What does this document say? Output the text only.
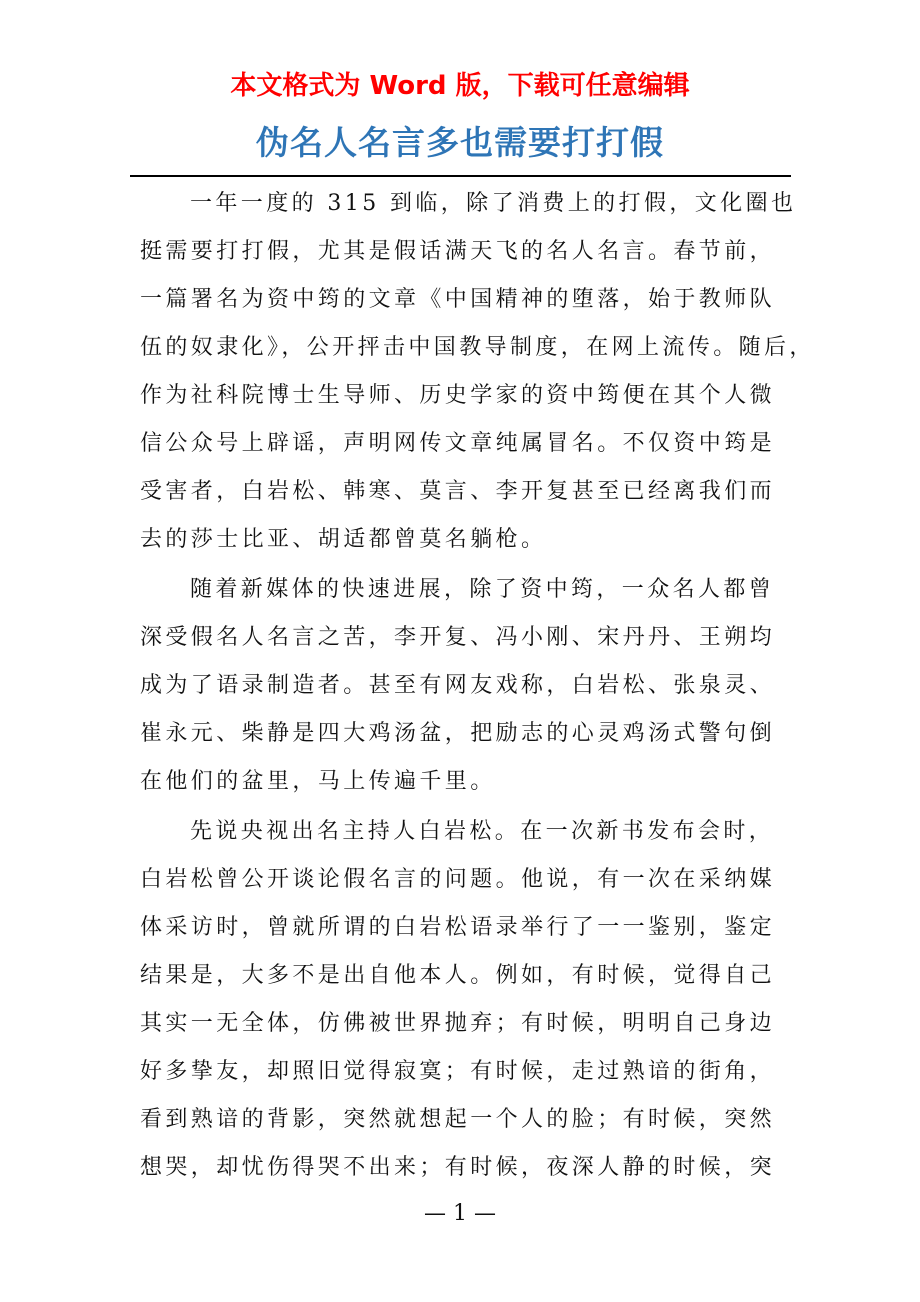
本文格式为 Word 版，下载可任意编辑
伪名人名言多也需要打打假
一年一度的 315 到临，除了消费上的打假，文化圈也
挺需要打打假，尤其是假话满天飞的名人名言。春节前，
一篇署名为资中筠的文章《中国精神的堕落，始于教师队
伍的奴隶化》，公开抨击中国教导制度，在网上流传。随后，
作为社科院博士生导师、历史学家的资中筠便在其个人微
信公众号上辟谣，声明网传文章纯属冒名。不仅资中筠是
受害者，白岩松、韩寒、莫言、李开复甚至已经离我们而
去的莎士比亚、胡适都曾莫名躺枪。
随着新媒体的快速进展，除了资中筠，一众名人都曾
深受假名人名言之苦，李开复、冯小刚、宋丹丹、王朔均
成为了语录制造者。甚至有网友戏称，白岩松、张泉灵、
崔永元、柴静是四大鸡汤盆，把励志的心灵鸡汤式警句倒
在他们的盆里，马上传遍千里。
先说央视出名主持人白岩松。在一次新书发布会时，
白岩松曾公开谈论假名言的问题。他说，有一次在采纳媒
体采访时，曾就所谓的白岩松语录举行了一一鉴别，鉴定
结果是，大多不是出自他本人。例如，有时候，觉得自己
其实一无全体，仿佛被世界抛弃；有时候，明明自己身边
好多挚友，却照旧觉得寂寞；有时候，走过熟谙的街角，
看到熟谙的背影，突然就想起一个人的脸；有时候，突然
想哭，却忧伤得哭不出来；有时候，夜深人静的时候，突
— 1 —
